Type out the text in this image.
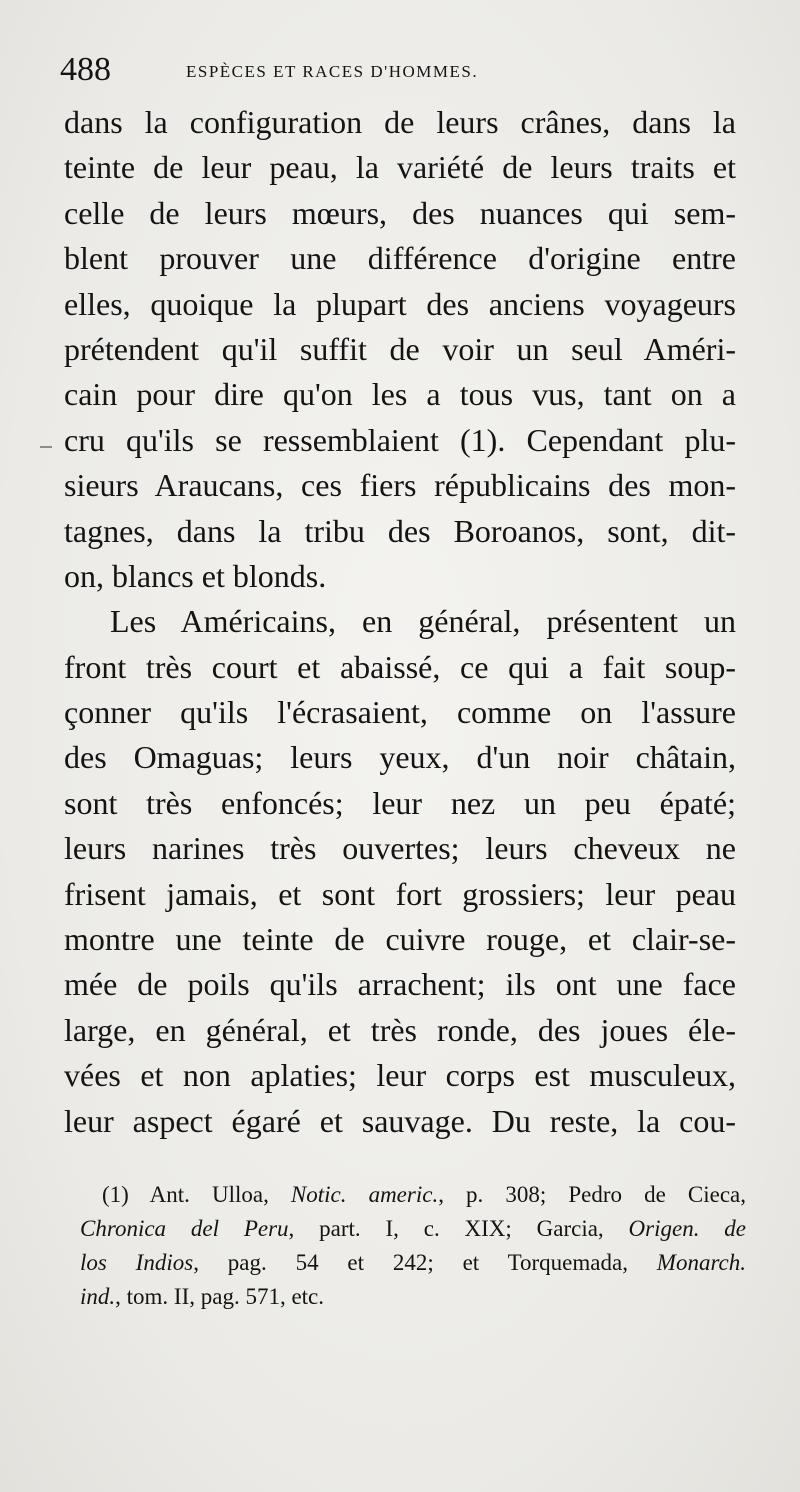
488	ESPÈCES ET RACES D'HOMMES.
dans la configuration de leurs crânes, dans la
teinte de leur peau, la variété de leurs traits et
celle de leurs mœurs, des nuances qui sem-
blent prouver une différence d'origine entre
elles, quoique la plupart des anciens voyageurs
prétendent qu'il suffit de voir un seul Améri-
cain pour dire qu'on les a tous vus, tant on a
cru qu'ils se ressemblaient (1). Cependant plu-
sieurs Araucans, ces fiers républicains des mon-
tagnes, dans la tribu des Boroanos, sont, dit-
on, blancs et blonds.
Les Américains, en général, présentent un
front très court et abaissé, ce qui a fait soup-
çonner qu'ils l'écrasaient, comme on l'assure
des Omaguas; leurs yeux, d'un noir châtain,
sont très enfoncés; leur nez un peu épaté;
leurs narines très ouvertes; leurs cheveux ne
frisent jamais, et sont fort grossiers; leur peau
montre une teinte de cuivre rouge, et clair-se-
mée de poils qu'ils arrachent; ils ont une face
large, en général, et très ronde, des joues éle-
vées et non aplaties; leur corps est musculeux,
leur aspect égaré et sauvage. Du reste, la cou-
(1) Ant. Ulloa, Notic. americ., p. 308; Pedro de Cieca,
Chronica del Peru, part. I, c. XIX; Garcia, Origen. de
los Indios, pag. 54 et 242; et Torquemada, Monarch.
ind., tom. II, pag. 571, etc.
